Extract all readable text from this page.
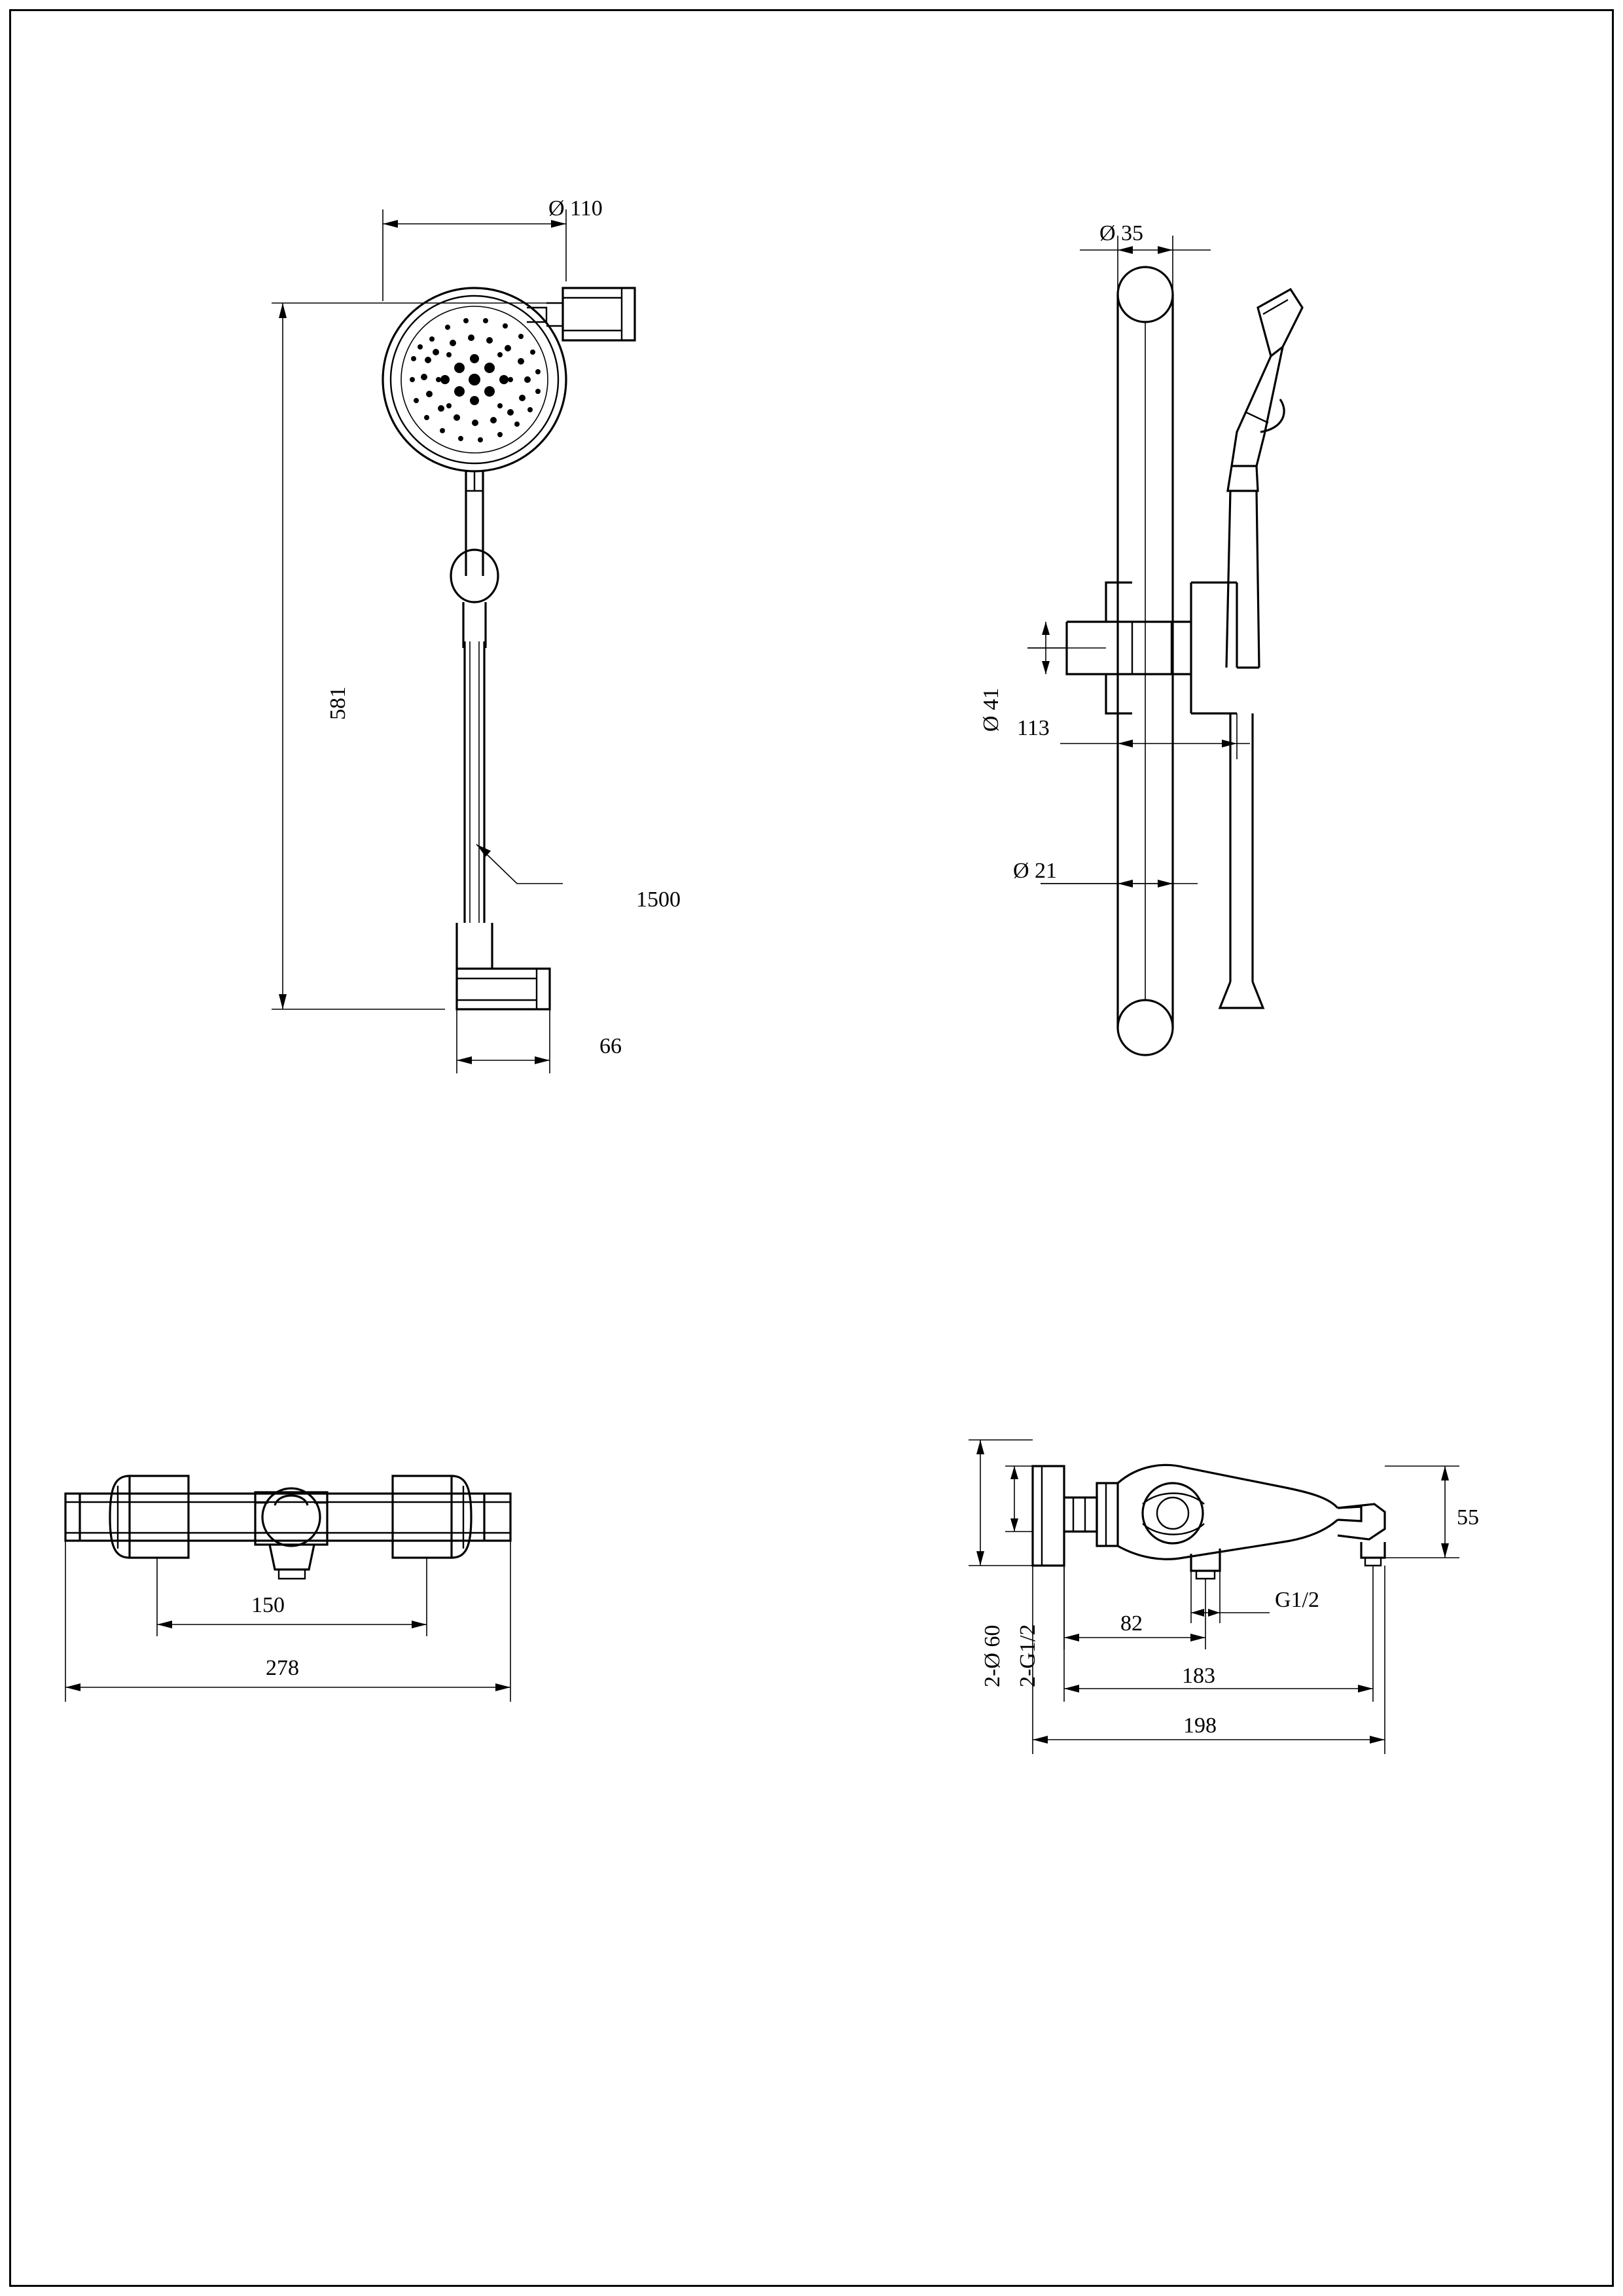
Ø 110
581
1500
66
Ø 35
Ø 41 113
Ø 21
150
278
55
2-Ø 60 2-G1/2
G1/2
82
183
198
